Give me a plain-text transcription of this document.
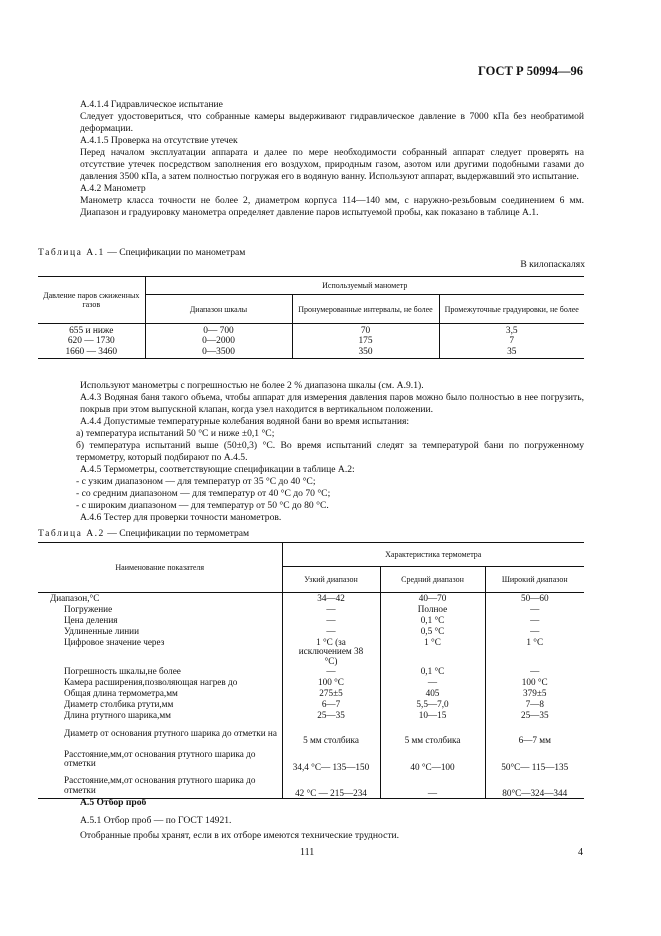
ГОСТ Р 50994—96

А.4.1.4 Гидравлическое испытание

Следует удостовериться, что собранные камеры выдерживают гидравлическое давление в 7000 кПа без необратимой деформации.

А.4.1.5 Проверка на отсутствие утечек

Перед началом эксплуатации аппарата и далее по мере необходимости собранный аппарат следует проверять на отсутствие утечек посредством заполнения его воздухом, природным газом, азотом или другими подобными газами до давления 3500 кПа, а затем полностью погружая его в водяную ванну. Используют аппарат, выдержавший это испытание.

А.4.2 Манометр

Манометр класса точности не более 2, диаметром корпуса 114—140 мм, с наружно-резьбовым соединением 6 мм. Диапазон и градуировку манометра определяет давление паров испытуемой пробы, как показано в таблице А.1.

Таблица А.1 — Спецификации по манометрам
В килопаскалях
Давление паров сжиженных газов	Используемый манометр		
	Диапазон шкалы	Пронумерованные интервалы, не более	Промежуточные градуировки, не более
655 и ниже	0— 700	70	3,5
620 — 1730	0—2000	175	7
1660 — 3460	0—3500	350	35

Используют манометры с погрешностью не более 2 % диапазона шкалы (см. А.9.1).

А.4.3 Водяная баня такого объема, чтобы аппарат для измерения давления паров можно было полностью в нее погрузить, покрыв при этом выпускной клапан, когда узел находится в вертикальном положении.

А.4.4 Допустимые температурные колебания водяной бани во время испытания:

а) температура испытаний 50 °С и ниже ±0,1 °С;

б) температура испытаний выше (50±0,3) °С. Во время испытаний следят за температурой бани по погруженному термометру, который подбирают по А.4.5.

А.4.5 Термометры, соответствующие спецификации в таблице А.2:

- с узким диапазоном — для температур от 35 °С до 40 °С;

- со средним диапазоном — для температур от 40 °С до 70 °С;

- с широким диапазоном — для температур от 50 °С до 80 °С.

А.4.6 Тестер для проверки точности манометров.

Таблица А.2 — Спецификации по термометрам
Наименование показателя	Характеристика термометра		
	Узкий диапазон	Средний диапазон	Широкий диапазон
Диапазон,°С	34—42	40—70	50—60
Погружение	—	Полное	—
Цена деления	—	0,1 °С	—
Удлиненные линии	—	0,5 °С	—
Цифровое значение через	1 °С (за исключением 38 °С)	1 °С	1 °С
Погрешность шкалы,не более	—	0,1 °С	—
Камера расширения,позволяющая нагрев до	100 °С	—	100 °С
Общая длина термометра,мм	275±5	405	379±5
Диаметр столбика ртути,мм	6—7	5,5—7,0	7—8
Длина ртутного шарика,мм	25—35	10—15	25—35
Диаметр от основания ртутного шарика до отметки на	5 мм столбика	5 мм столбика	6—7 мм
Расстояние,мм,от основания ртутного шарика до отметки	34,4 °С— 135—150	40 °С—100	50°С— 115—135
Расстояние,мм,от основания ртутного шарика до отметки	42 °С — 215—234	—	80°С—324—344
А.5 Отбор проб

А.5.1 Отбор проб — по ГОСТ 14921.

Отобранные пробы хранят, если в их отборе имеются технические трудности.

111	4
